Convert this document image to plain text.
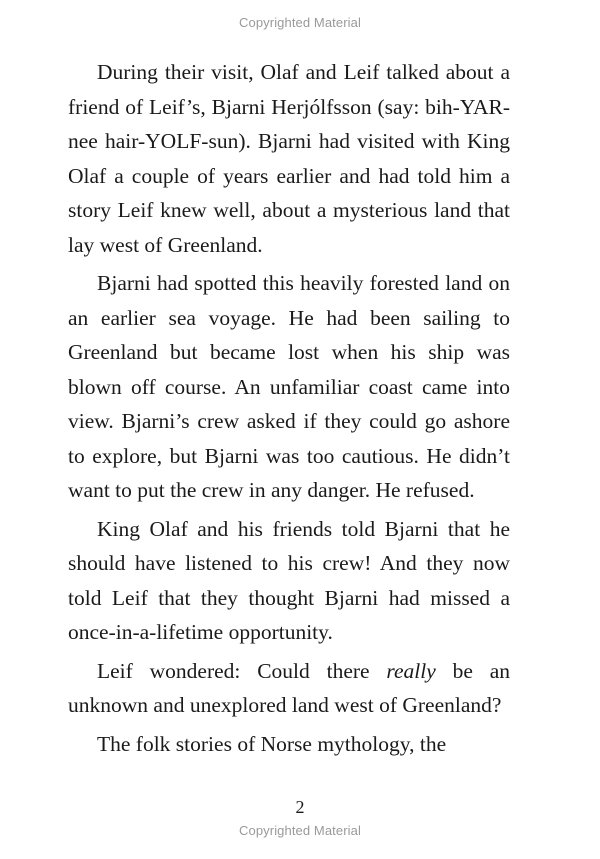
Copyrighted Material

During their visit, Olaf and Leif talked about a friend of Leif’s, Bjarni Herjólfsson (say: bih-YAR-nee hair-YOLF-sun). Bjarni had visited with King Olaf a couple of years earlier and had told him a story Leif knew well, about a mysterious land that lay west of Greenland.

Bjarni had spotted this heavily forested land on an earlier sea voyage. He had been sailing to Greenland but became lost when his ship was blown off course. An unfamiliar coast came into view. Bjarni’s crew asked if they could go ashore to explore, but Bjarni was too cautious. He didn’t want to put the crew in any danger. He refused.

King Olaf and his friends told Bjarni that he should have listened to his crew! And they now told Leif that they thought Bjarni had missed a once-in-a-lifetime opportunity.

Leif wondered: Could there really be an unknown and unexplored land west of Greenland?

The folk stories of Norse mythology, the

2
Copyrighted Material
